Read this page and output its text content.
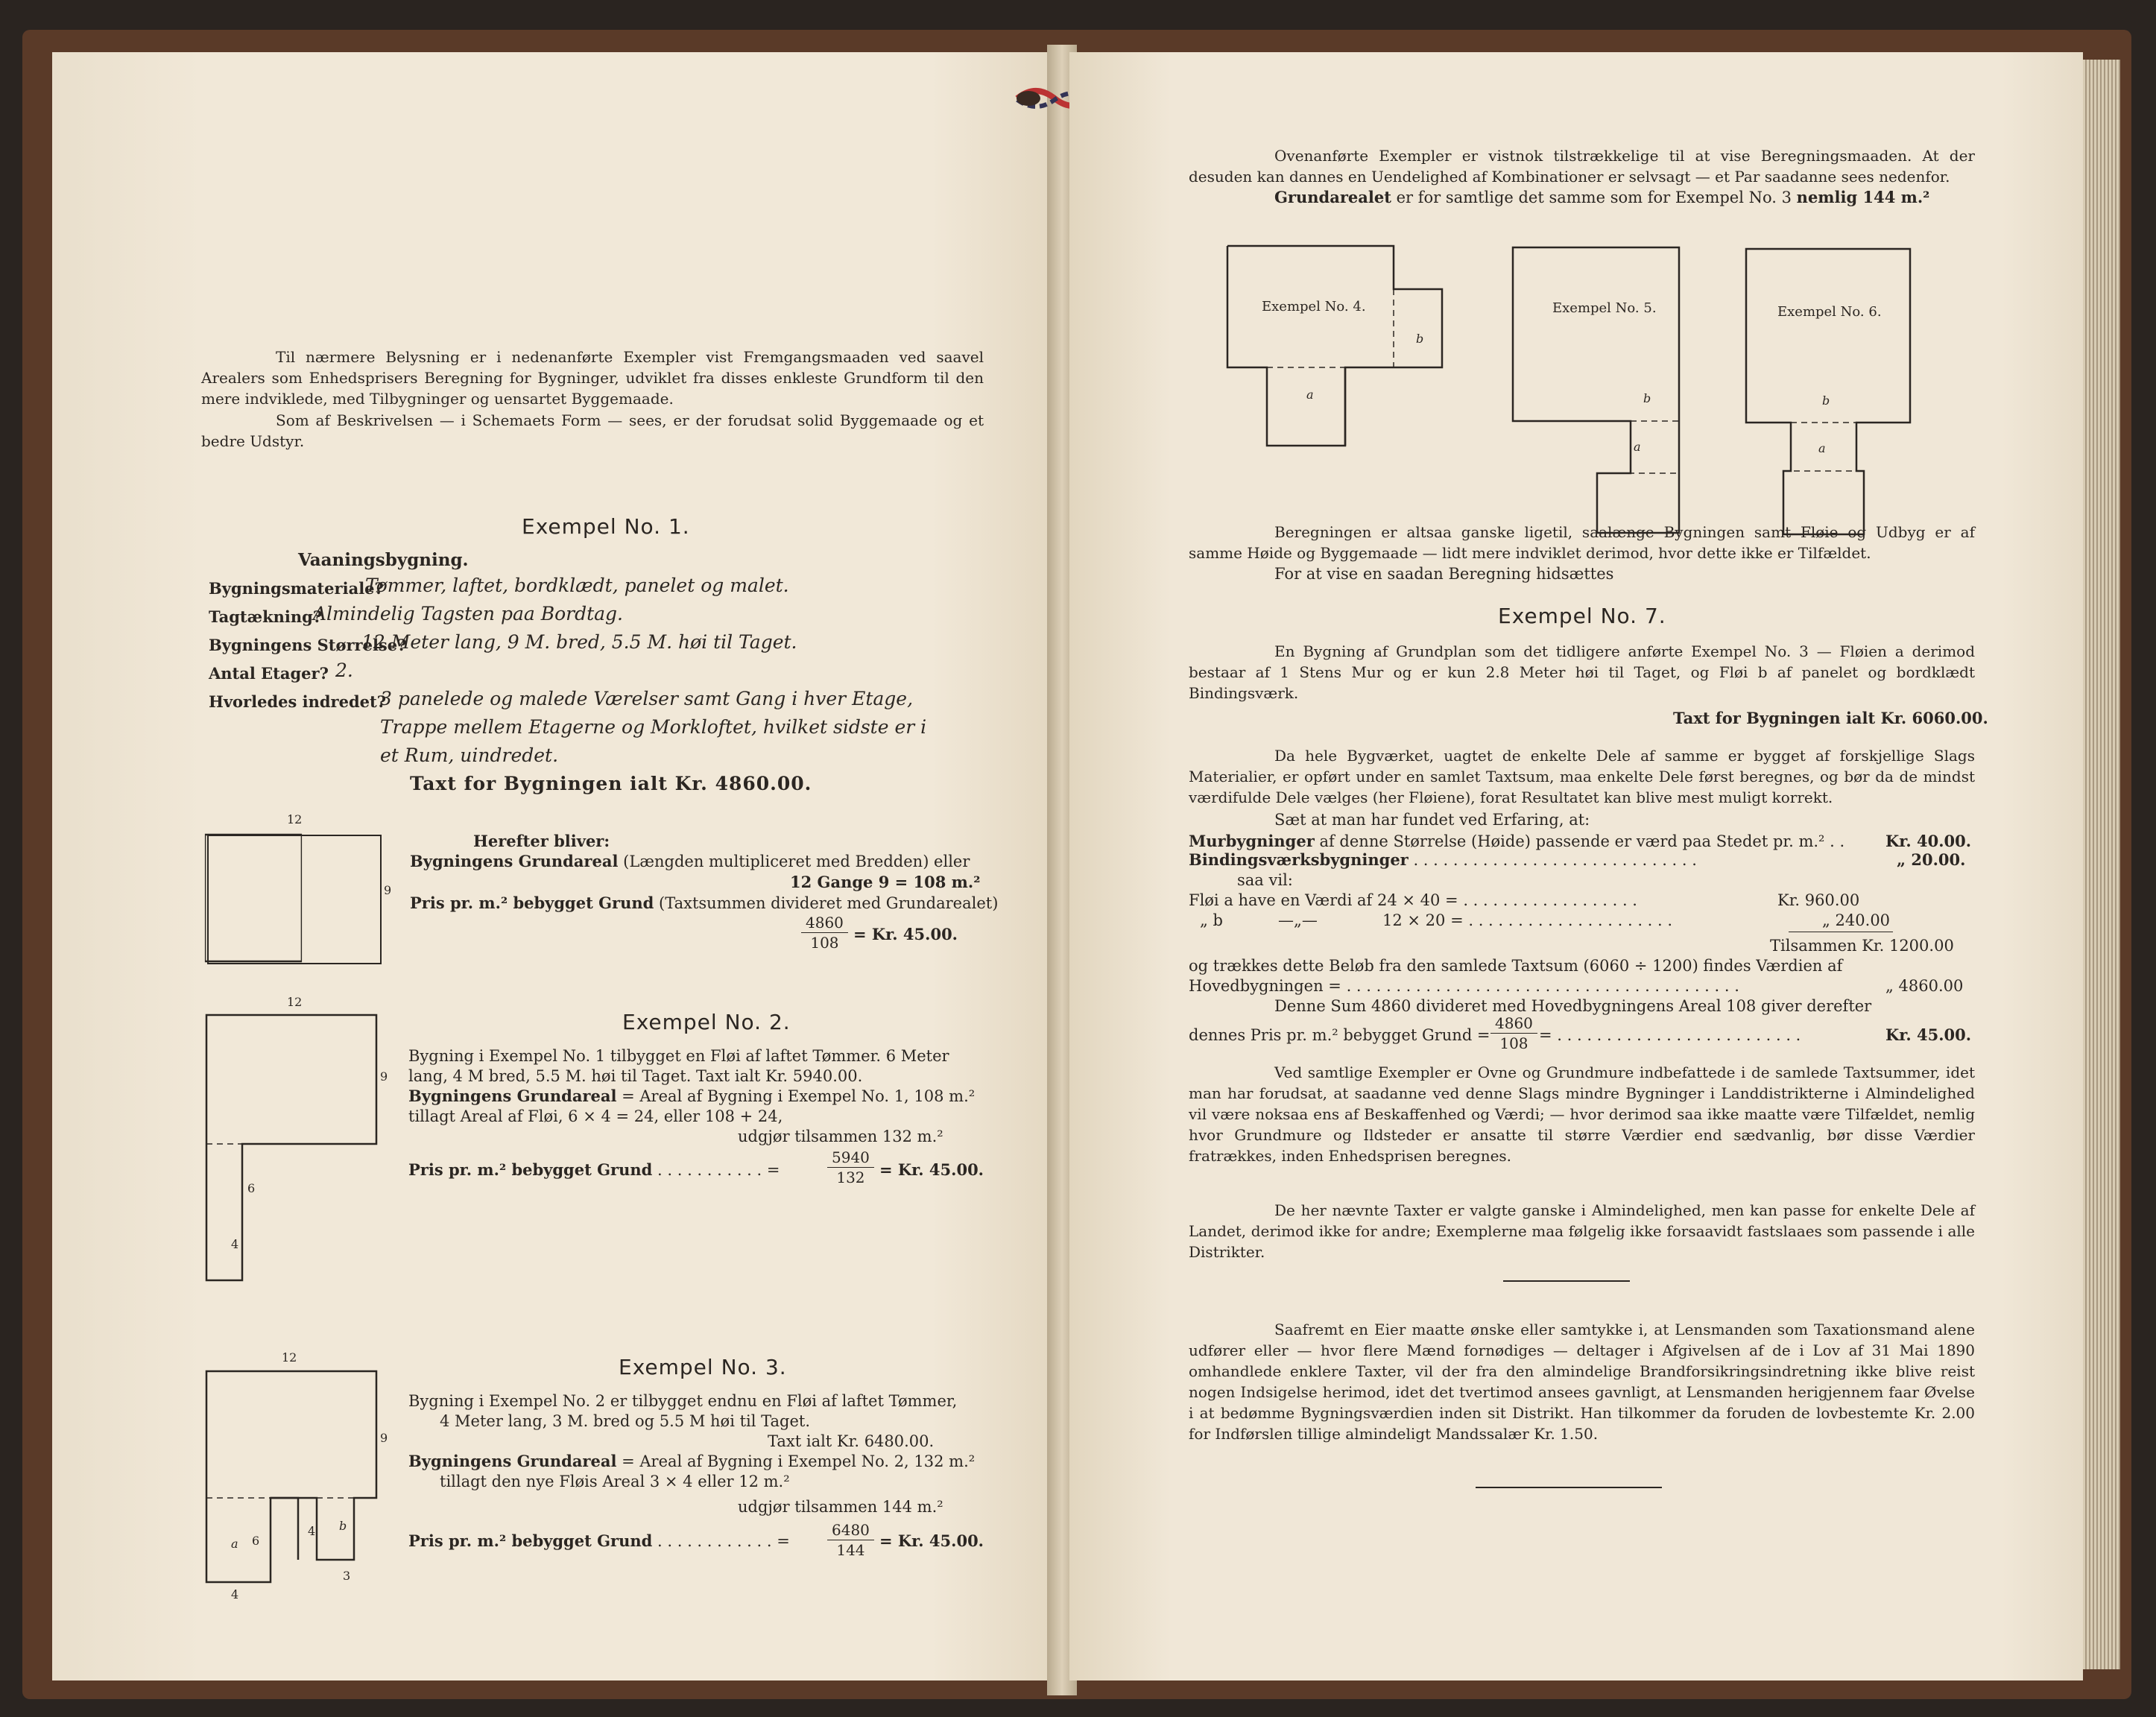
Til nærmere Belysning er i nedenanførte Exempler vist Fremgangsmaaden ved saavel Arealers som Enhedsprisers Beregning for Bygninger, udviklet fra disses enkleste Grundform til den mere indviklede, med Tilbygninger og uensartet Byggemaade.
Som af Beskrivelsen — i Schemaets Form — sees, er der forudsat solid Byggemaade og et bedre Udstyr.
Exempel No. 1.
Vaaningsbygning.
Bygningsmateriale?
Tømmer, laftet, bordklædt, panelet og malet.
Tagtækning?
Almindelig Tagsten paa Bordtag.
Bygningens Størrelse?
12 Meter lang, 9 M. bred, 5.5 M. høi til Taget.
Antal Etager? 2.
Hvorledes indredet?
3 panelede og malede Værelser samt Gang i hver Etage,
Trappe mellem Etagerne og Morkloftet, hvilket sidste er i
et Rum, uindredet.
Taxt for Bygningen ialt Kr. 4860.00.
12
9
Herefter bliver:
Bygningens Grundareal (Længden multipliceret med Bredden) eller
12 Gange 9 = 108 m.²
Pris pr. m.² bebygget Grund (Taxtsummen divideret med Grundarealet)
$\frac{4860}{108} = Kr$. 45.00.
12
9
6
4
Exempel No. 2.
Bygning i Exempel No. 1 tilbygget en Fløi af laftet Tømmer. 6 Meter
lang, 4 M bred, 5.5 M. høi til Taget. Taxt ialt Kr. 5940.00.
Bygningens Grundareal = Areal af Bygning i Exempel No. 1, 108 m.²
tillagt Areal af Fløi, 6 × 4 = 24, eller 108 + 24,
udgjør tilsammen 132 m.²
Pris pr. m.² bebygget Grund . . . . . . . . . . . =	$\frac{5940}{132} = Kr$. 45.00.
12
9
a 6
4 b
4
3
Exempel No. 3.
Bygning i Exempel No. 2 er tilbygget endnu en Fløi af laftet Tømmer,
4 Meter lang, 3 M. bred og 5.5 M høi til Taget.
Taxt ialt Kr. 6480.00.
Bygningens Grundareal = Areal af Bygning i Exempel No. 2, 132 m.²
tillagt den nye Fløis Areal 3 × 4 eller 12 m.²
udgjør tilsammen 144 m.²
Pris pr. m.² bebygget Grund . . . . . . . . . . . . =	$\frac{6480}{144} = Kr$. 45.00.
Ovenanførte Exempler er vistnok tilstrækkelige til at vise Beregningsmaaden. At der desuden kan dannes en Uendelighed af Kombinationer er selvsagt — et Par saadanne sees nedenfor.
Grundarealet er for samtlige det samme som for Exempel No. 3 nemlig 144 m.²
Exempel No. 4.
b
a
Exempel No. 5.
b
a
Exempel No. 6.
b
a
Beregningen er altsaa ganske ligetil, saalænge Bygningen samt Fløie og Udbyg er af samme Høide og Byggemaade — lidt mere indviklet derimod, hvor dette ikke er Tilfældet.
For at vise en saadan Beregning hidsættes
Exempel No. 7.
En Bygning af Grundplan som det tidligere anførte Exempel No. 3 — Fløien a derimod bestaar af 1 Stens Mur og er kun 2.8 Meter høi til Taget, og Fløi b af panelet og bordklædt Bindingsværk.
Taxt for Bygningen ialt Kr. 6060.00.
Da hele Bygværket, uagtet de enkelte Dele af samme er bygget af forskjellige Slags Materialier, er opført under en samlet Taxtsum, maa enkelte Dele først beregnes, og bør da de mindst værdifulde Dele vælges (her Fløiene), forat Resultatet kan blive mest muligt korrekt.
Sæt at man har fundet ved Erfaring, at:
Murbygninger af denne Størrelse (Høide) passende er værd paa Stedet pr. m.² . .	Kr. 40.00.
Bindingsværksbygninger . . . . . . . . . . . . . . . . . . . . . . . . . . . . .	„ 20.00.
saa vil:
Fløi a have en Værdi af 24 × 40 = . . . . . . . . . . . . . . . . . .	Kr. 960.00
„ b	—„—	12 × 20 = . . . . . . . . . . . . . . . . . . . . .	„ 240.00
Tilsammen Kr. 1200.00
og trækkes dette Beløb fra den samlede Taxtsum (6060 ÷ 1200) findes Værdien af
Hovedbygningen = . . . . . . . . . . . . . . . . . . . . . . . . . . . . . . . . . . . . . . . .	„ 4860.00
Denne Sum 4860 divideret med Hovedbygningens Areal 108 giver derefter
dennes Pris pr. m.² bebygget Grund = $\frac{4860}{108}$ = . . . . . . . . . . . . . . . . . . . . . . . . .	Kr. 45.00.
Ved samtlige Exempler er Ovne og Grundmure indbefattede i de samlede Taxtsummer, idet man har forudsat, at saadanne ved denne Slags mindre Bygninger i Landdistrikterne i Almindelighed vil være noksaa ens af Beskaffenhed og Værdi; — hvor derimod saa ikke maatte være Tilfældet, nemlig hvor Grundmure og Ildsteder er ansatte til større Værdier end sædvanlig, bør disse Værdier fratrækkes, inden Enhedsprisen beregnes.
De her nævnte Taxter er valgte ganske i Almindelighed, men kan passe for enkelte Dele af Landet, derimod ikke for andre; Exemplerne maa følgelig ikke forsaavidt fastslaaes som passende i alle Distrikter.
Saafremt en Eier maatte ønske eller samtykke i, at Lensmanden som Taxationsmand alene udfører eller — hvor flere Mænd fornødiges — deltager i Afgivelsen af de i Lov af 31 Mai 1890 omhandlede enklere Taxter, vil der fra den almindelige Brandforsikringsindretning ikke blive reist nogen Indsigelse herimod, idet det tvertimod ansees gavnligt, at Lensmanden herigjennem faar Øvelse i at bedømme Bygningsværdien inden sit Distrikt. Han tilkommer da foruden de lovbestemte Kr. 2.00 for Indførslen tillige almindeligt Mandssalær Kr. 1.50.
